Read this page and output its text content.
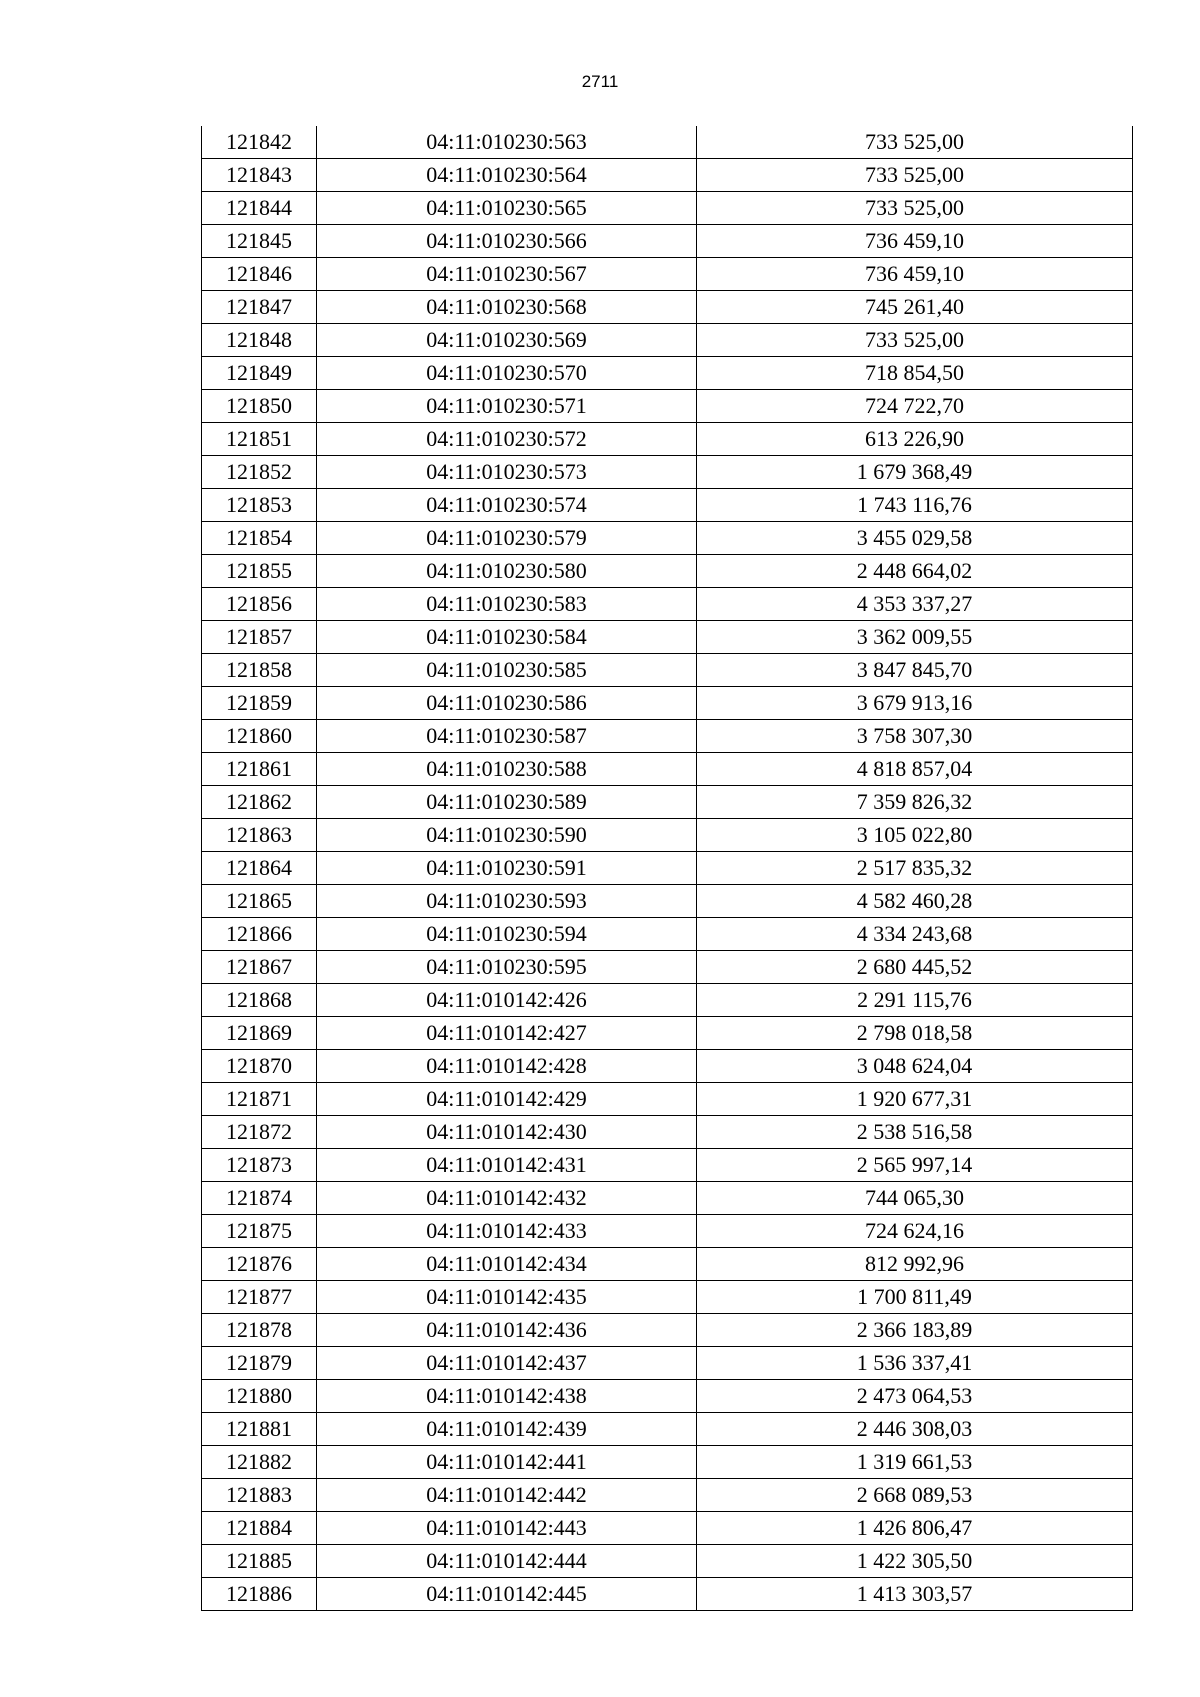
2711
121842	04:11:010230:563	733 525,00
121843	04:11:010230:564	733 525,00
121844	04:11:010230:565	733 525,00
121845	04:11:010230:566	736 459,10
121846	04:11:010230:567	736 459,10
121847	04:11:010230:568	745 261,40
121848	04:11:010230:569	733 525,00
121849	04:11:010230:570	718 854,50
121850	04:11:010230:571	724 722,70
121851	04:11:010230:572	613 226,90
121852	04:11:010230:573	1 679 368,49
121853	04:11:010230:574	1 743 116,76
121854	04:11:010230:579	3 455 029,58
121855	04:11:010230:580	2 448 664,02
121856	04:11:010230:583	4 353 337,27
121857	04:11:010230:584	3 362 009,55
121858	04:11:010230:585	3 847 845,70
121859	04:11:010230:586	3 679 913,16
121860	04:11:010230:587	3 758 307,30
121861	04:11:010230:588	4 818 857,04
121862	04:11:010230:589	7 359 826,32
121863	04:11:010230:590	3 105 022,80
121864	04:11:010230:591	2 517 835,32
121865	04:11:010230:593	4 582 460,28
121866	04:11:010230:594	4 334 243,68
121867	04:11:010230:595	2 680 445,52
121868	04:11:010142:426	2 291 115,76
121869	04:11:010142:427	2 798 018,58
121870	04:11:010142:428	3 048 624,04
121871	04:11:010142:429	1 920 677,31
121872	04:11:010142:430	2 538 516,58
121873	04:11:010142:431	2 565 997,14
121874	04:11:010142:432	744 065,30
121875	04:11:010142:433	724 624,16
121876	04:11:010142:434	812 992,96
121877	04:11:010142:435	1 700 811,49
121878	04:11:010142:436	2 366 183,89
121879	04:11:010142:437	1 536 337,41
121880	04:11:010142:438	2 473 064,53
121881	04:11:010142:439	2 446 308,03
121882	04:11:010142:441	1 319 661,53
121883	04:11:010142:442	2 668 089,53
121884	04:11:010142:443	1 426 806,47
121885	04:11:010142:444	1 422 305,50
121886	04:11:010142:445	1 413 303,57
